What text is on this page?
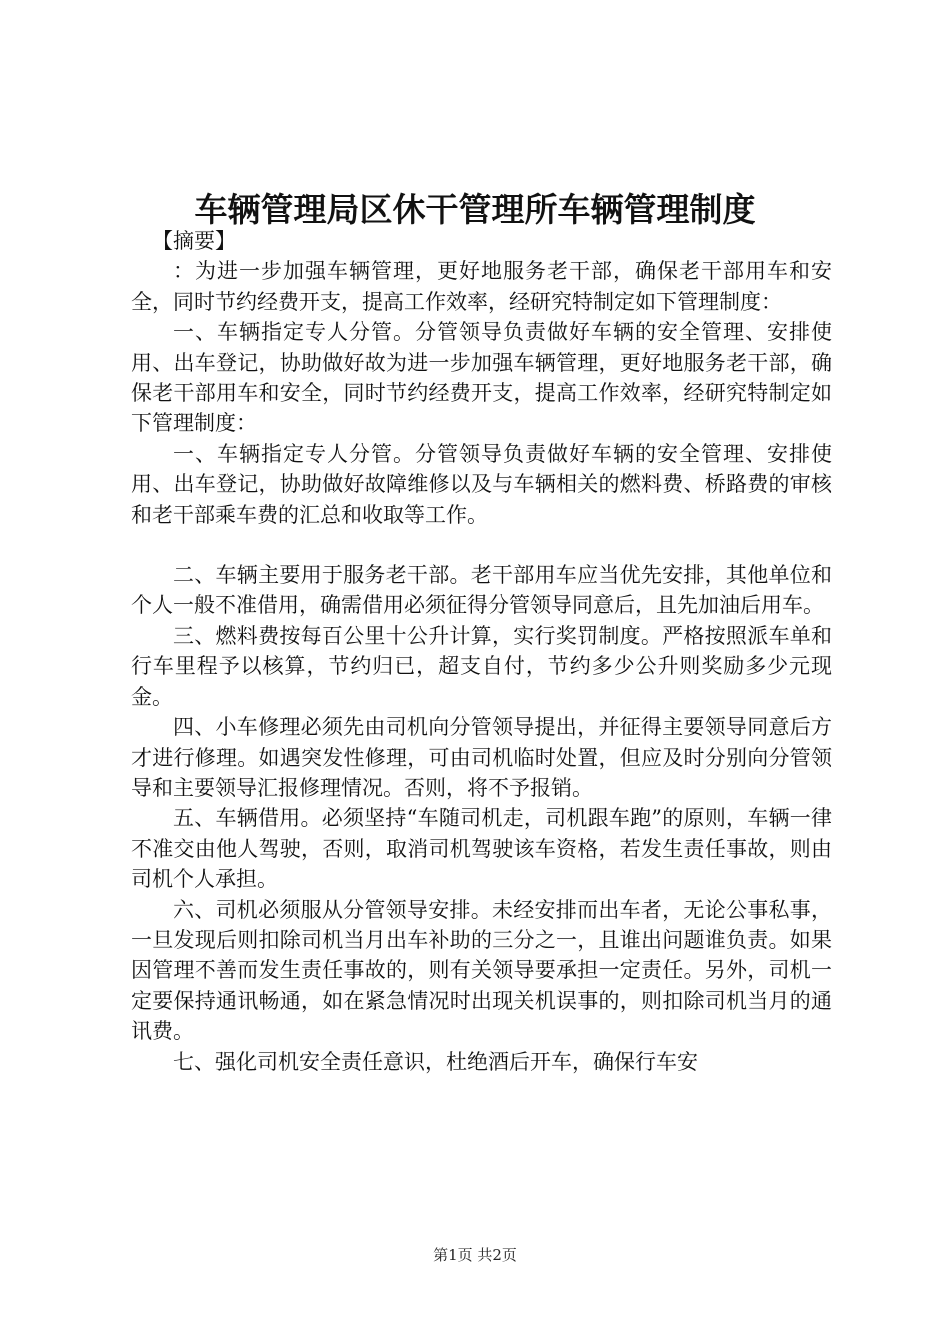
车辆管理局区休干管理所车辆管理制度

【摘要】

：为进一步加强车辆管理，更好地服务老干部，确保老干部用车和安全，同时节约经费开支，提高工作效率，经研究特制定如下管理制度：

一、车辆指定专人分管。分管领导负责做好车辆的安全管理、安排使用、出车登记，协助做好故为进一步加强车辆管理，更好地服务老干部，确保老干部用车和安全，同时节约经费开支，提高工作效率，经研究特制定如下管理制度：

一、车辆指定专人分管。分管领导负责做好车辆的安全管理、安排使用、出车登记，协助做好故障维修以及与车辆相关的燃料费、桥路费的审核和老干部乘车费的汇总和收取等工作。

二、车辆主要用于服务老干部。老干部用车应当优先安排，其他单位和个人一般不准借用，确需借用必须征得分管领导同意后，且先加油后用车。

三、燃料费按每百公里十公升计算，实行奖罚制度。严格按照派车单和行车里程予以核算，节约归已，超支自付，节约多少公升则奖励多少元现金。

四、小车修理必须先由司机向分管领导提出，并征得主要领导同意后方才进行修理。如遇突发性修理，可由司机临时处置，但应及时分别向分管领导和主要领导汇报修理情况。否则，将不予报销。

五、车辆借用。必须坚持“车随司机走，司机跟车跑”的原则，车辆一律不准交由他人驾驶，否则，取消司机驾驶该车资格，若发生责任事故，则由司机个人承担。

六、司机必须服从分管领导安排。未经安排而出车者，无论公事私事，一旦发现后则扣除司机当月出车补助的三分之一，且谁出问题谁负责。如果因管理不善而发生责任事故的，则有关领导要承担一定责任。另外，司机一定要保持通讯畅通，如在紧急情况时出现关机误事的，则扣除司机当月的通讯费。

七、强化司机安全责任意识，杜绝酒后开车，确保行车安

第1页 共2页
